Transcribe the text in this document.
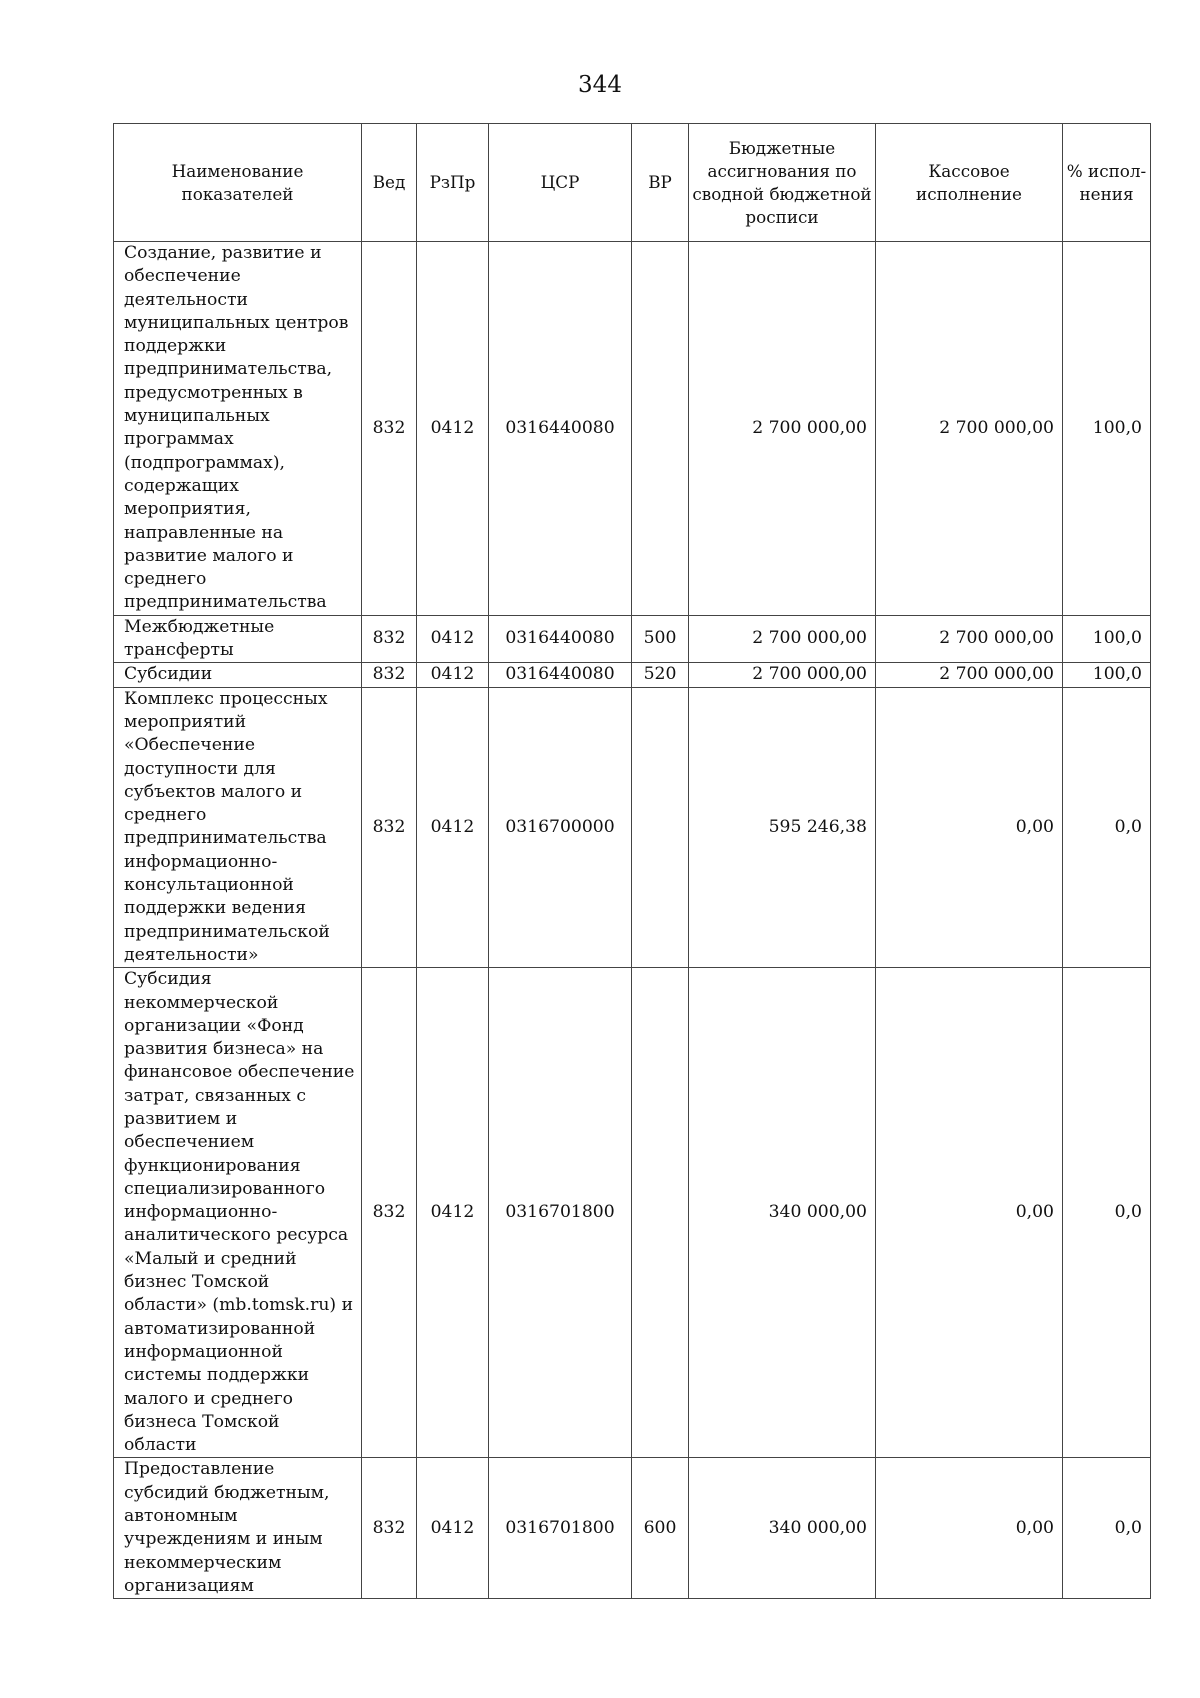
344
Наименование показателей	Вед	РзПр	ЦСР	ВР	Бюджетные ассигнования по сводной бюджетной росписи	Кассовое исполнение	% испол-нения
Создание, развитие и обеспечение деятельности муниципальных центров поддержки предпринимательства, предусмотренных в муниципальных программах (подпрограммах), содержащих мероприятия, направленные на развитие малого и среднего предпринимательства	832	0412	0316440080		2 700 000,00	2 700 000,00	100,0
Межбюджетные трансферты	832	0412	0316440080	500	2 700 000,00	2 700 000,00	100,0
Субсидии	832	0412	0316440080	520	2 700 000,00	2 700 000,00	100,0
Комплекс процессных мероприятий «Обеспечение доступности для субъектов малого и среднего предпринимательства информационно-консультационной поддержки ведения предпринимательской деятельности»	832	0412	0316700000		595 246,38	0,00	0,0
Субсидия некоммерческой организации «Фонд развития бизнеса» на финансовое обеспечение затрат, связанных с развитием и обеспечением функционирования специализированного информационно-аналитического ресурса «Малый и средний бизнес Томской области» (mb.tomsk.ru) и автоматизированной информационной системы поддержки малого и среднего бизнеса Томской области	832	0412	0316701800		340 000,00	0,00	0,0
Предоставление субсидий бюджетным, автономным учреждениям и иным некоммерческим организациям	832	0412	0316701800	600	340 000,00	0,00	0,0
